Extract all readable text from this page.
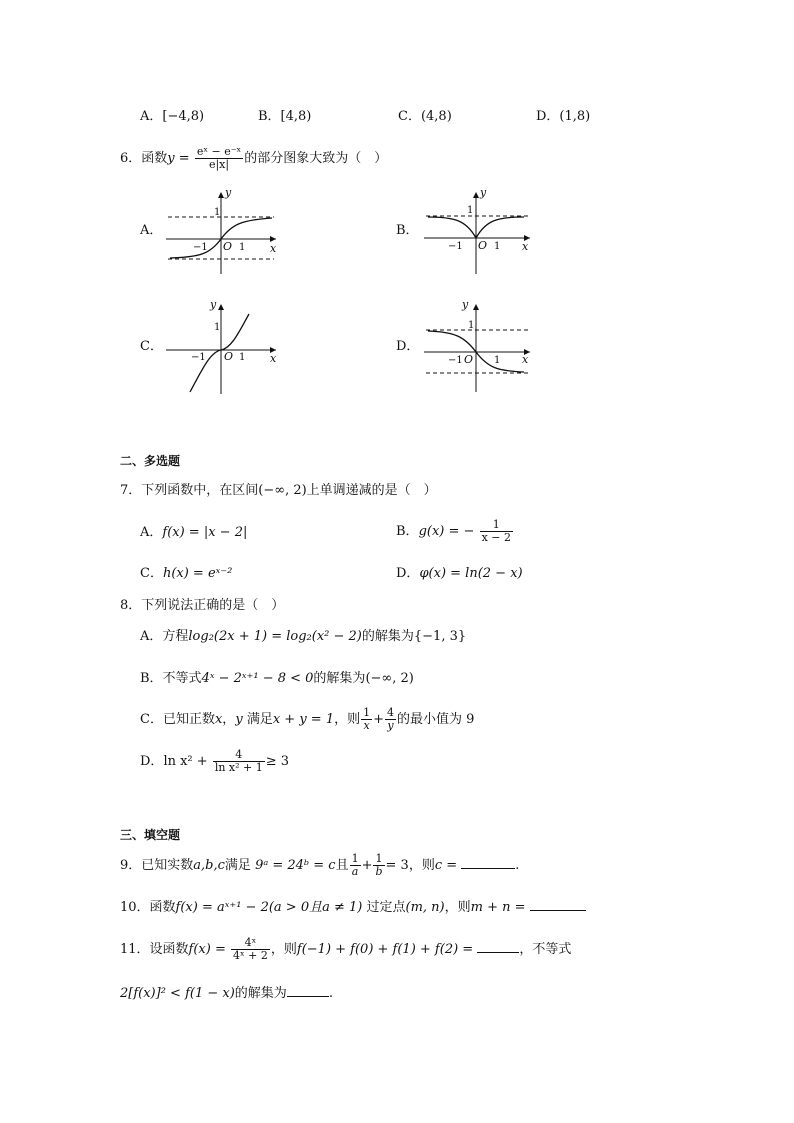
A．[−4,8)	B．[4,8)	C．(4,8)	D．(1,8)
6．函数$y = \frac{\text{eˣ − e⁻ˣ}}{e|x|}$ 的部分图象大致为（　）
A．	B．
C．	D．
y
x
1
−1 O 1
y
x
1
−1 O 1
y
x
1
−1 O 1
y
x
1
−1 O 1
二、多选题
7．下列函数中，在区间(−∞, 2)上单调递减的是（　）
A．f(x) = |x − 2|	B．g(x) = − $\frac{1}{x - 2}$
C．h(x) = eˣ⁻²	D．φ(x) = ln(2 − x)
8．下列说法正确的是（　）
A．方程log₂(2x + 1) = log₂(x² − 2)的解集为{−1, 3}
B．不等式4ˣ − 2ˣ⁺¹ − 8 < 0的解集为(−∞, 2)
C．已知正数x，y 满足x + y = 1，则 $\frac{1}{x} + \frac{4}{y}$ 的最小值为 9
D．$\ln x^2 + \frac{4}{\text{ln x² + 1}} \ge 3$
三、填空题
9．已知实数a,b,c满足 9ᵃ = 24ᵇ = c且 $\frac{1}{a} + \frac{1}{b} = 3$，则c =	.
10．函数f(x) = aˣ⁺¹ − 2(a > 0且a ≠ 1) 过定点(m, n)，则m + n =
11．设函数$f(x) = \frac{\text{4ˣ}}{\text{4ˣ + 2}}$ ，则f(−1) + f(0) + f(1) + f(2) =	，不等式
2[f(x)]² < f(1 − x)的解集为	.
